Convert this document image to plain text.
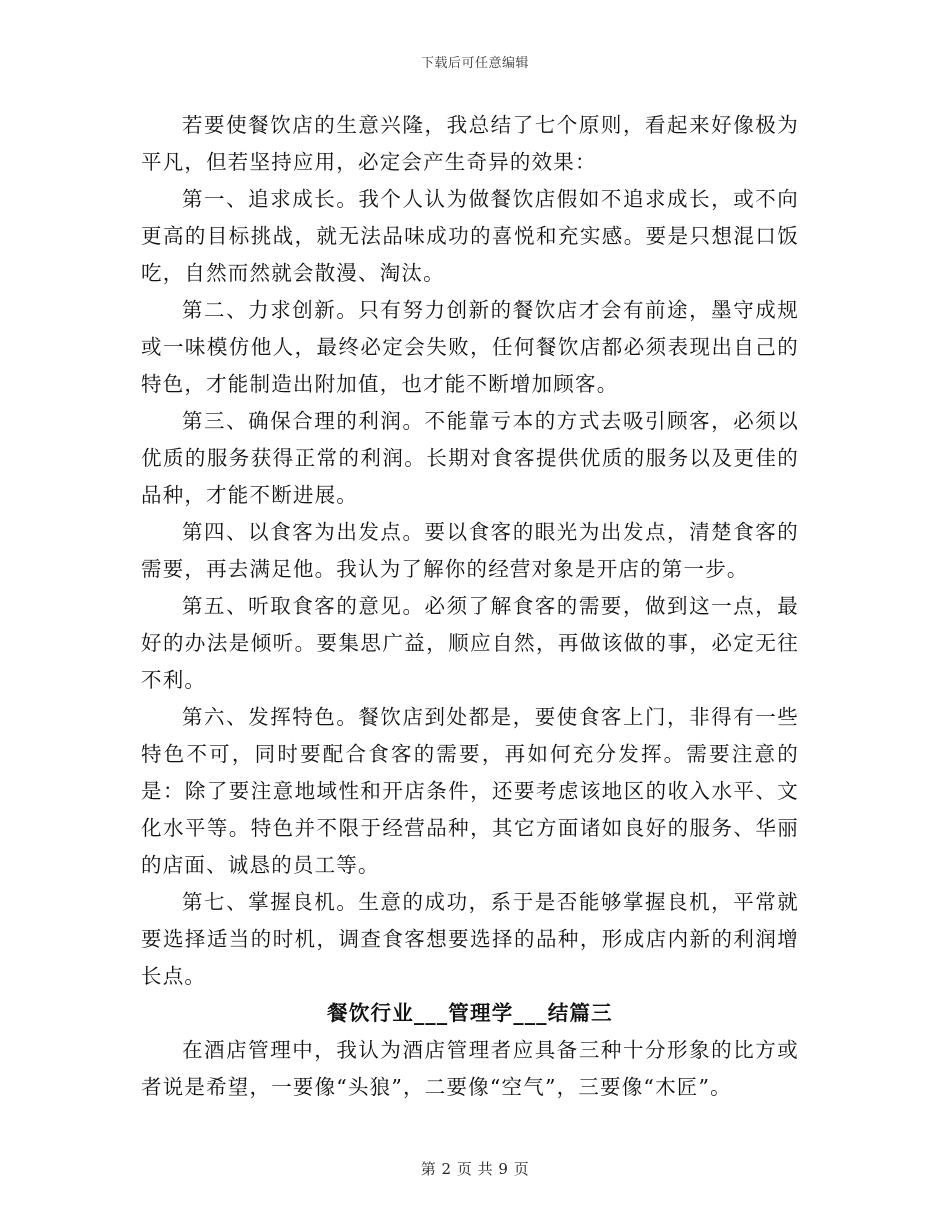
下载后可任意编辑

若要使餐饮店的生意兴隆，我总结了七个原则，看起来好像极为平凡，但若坚持应用，必定会产生奇异的效果：

第一、追求成长。我个人认为做餐饮店假如不追求成长，或不向更高的目标挑战，就无法品味成功的喜悦和充实感。要是只想混口饭吃，自然而然就会散漫、淘汰。

第二、力求创新。只有努力创新的餐饮店才会有前途，墨守成规或一味模仿他人，最终必定会失败，任何餐饮店都必须表现出自己的特色，才能制造出附加值，也才能不断增加顾客。

第三、确保合理的利润。不能靠亏本的方式去吸引顾客，必须以优质的服务获得正常的利润。长期对食客提供优质的服务以及更佳的品种，才能不断进展。

第四、以食客为出发点。要以食客的眼光为出发点，清楚食客的需要，再去满足他。我认为了解你的经营对象是开店的第一步。

第五、听取食客的意见。必须了解食客的需要，做到这一点，最好的办法是倾听。要集思广益，顺应自然，再做该做的事，必定无往不利。

第六、发挥特色。餐饮店到处都是，要使食客上门，非得有一些特色不可，同时要配合食客的需要，再如何充分发挥。需要注意的是：除了要注意地域性和开店条件，还要考虑该地区的收入水平、文化水平等。特色并不限于经营品种，其它方面诸如良好的服务、华丽的店面、诚恳的员工等。

第七、掌握良机。生意的成功，系于是否能够掌握良机，平常就要选择适当的时机，调查食客想要选择的品种，形成店内新的利润增长点。

餐饮行业___管理学___结篇三

在酒店管理中，我认为酒店管理者应具备三种十分形象的比方或者说是希望，一要像“头狼”，二要像“空气”，三要像“木匠”。

第 2 页 共 9 页
